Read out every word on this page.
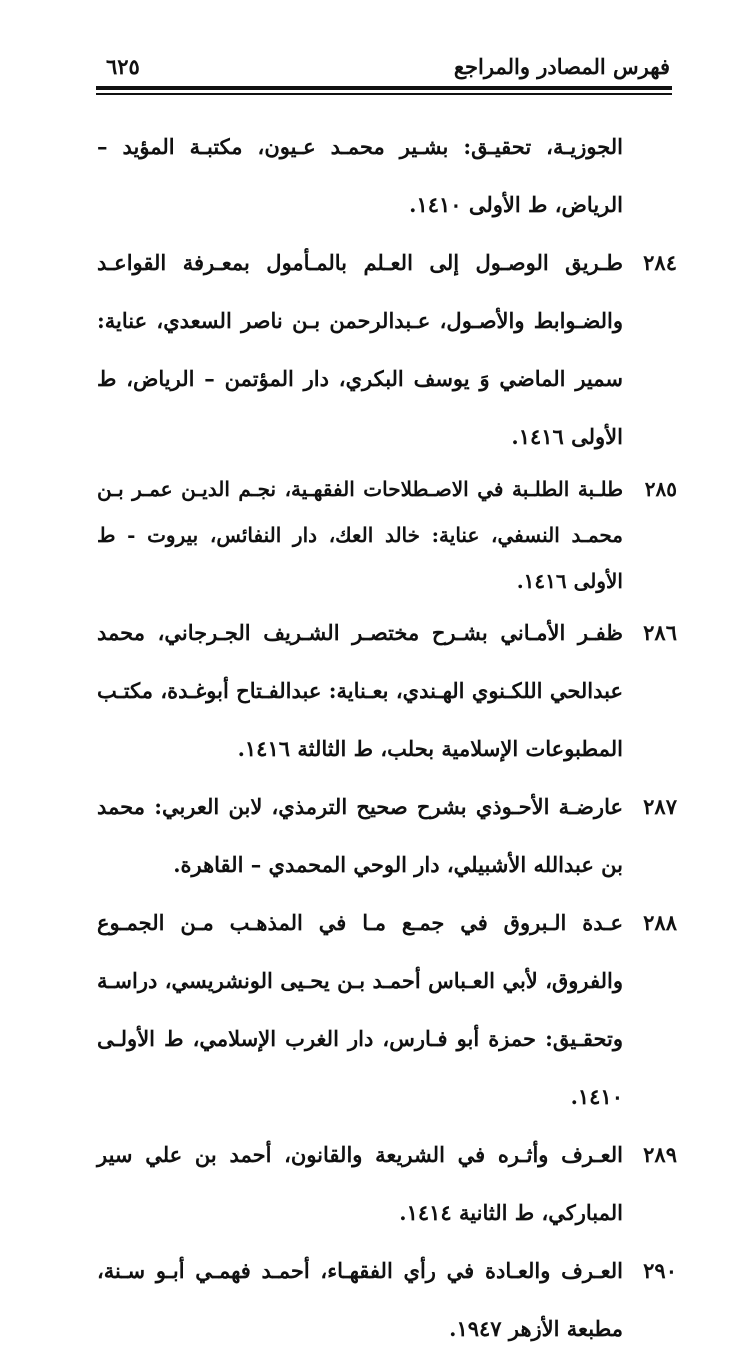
فهرس المصادر والمراجع
٦٢٥
الجوزيـة، تحقيـق: بشـير محمـد عـيون، مكتبـة المؤيد – الرياض، ط الأولى ١٤١٠.
٢٨٤
طـريق الوصـول إلى العـلم بالمـأمول بمعـرفة القواعـد والضـوابط والأصـول، عـبدالرحمن بـن ناصر السعدي، عناية: سمير الماضي وَ يوسف البكري، دار المؤتمن – الرياض، ط الأولى ١٤١٦.
٢٨٥
طلـبة الطلـبة في الاصـطلاحات الفقهـية، نجـم الديـن عمـر بـن محمـد النسفي، عناية: خالد العك، دار النفائس، بيروت - ط الأولى ١٤١٦.
٢٨٦
ظفـر الأمـاني بشـرح مختصـر الشـريف الجـرجاني، محمد عبدالحي اللكـنوي الهـندي، بعـناية: عبدالفـتاح أبوغـدة، مكتـب المطبوعات الإسلامية بحلب، ط الثالثة ١٤١٦.
٢٨٧
عارضـة الأحـوذي بشرح صحيح الترمذي، لابن العربي: محمد بن عبدالله الأشبيلي، دار الوحي المحمدي – القاهرة.
٢٨٨
عـدة الـبروق في جمـع مـا في المذهـب مـن الجمـوع والفروق، لأبي العـباس أحمـد بـن يحـيى الونشريسي، دراسـة وتحقـيق: حمزة أبو فـارس، دار الغرب الإسلامي، ط الأولـى ١٤١٠.
٢٨٩
العـرف وأثـره في الشريعة والقانون، أحمد بن علي سير المباركي، ط الثانية ١٤١٤.
٢٩٠
العـرف والعـادة في رأي الفقهـاء، أحمـد فهمـي أبـو سـنة، مطبعة الأزهر ١٩٤٧.
